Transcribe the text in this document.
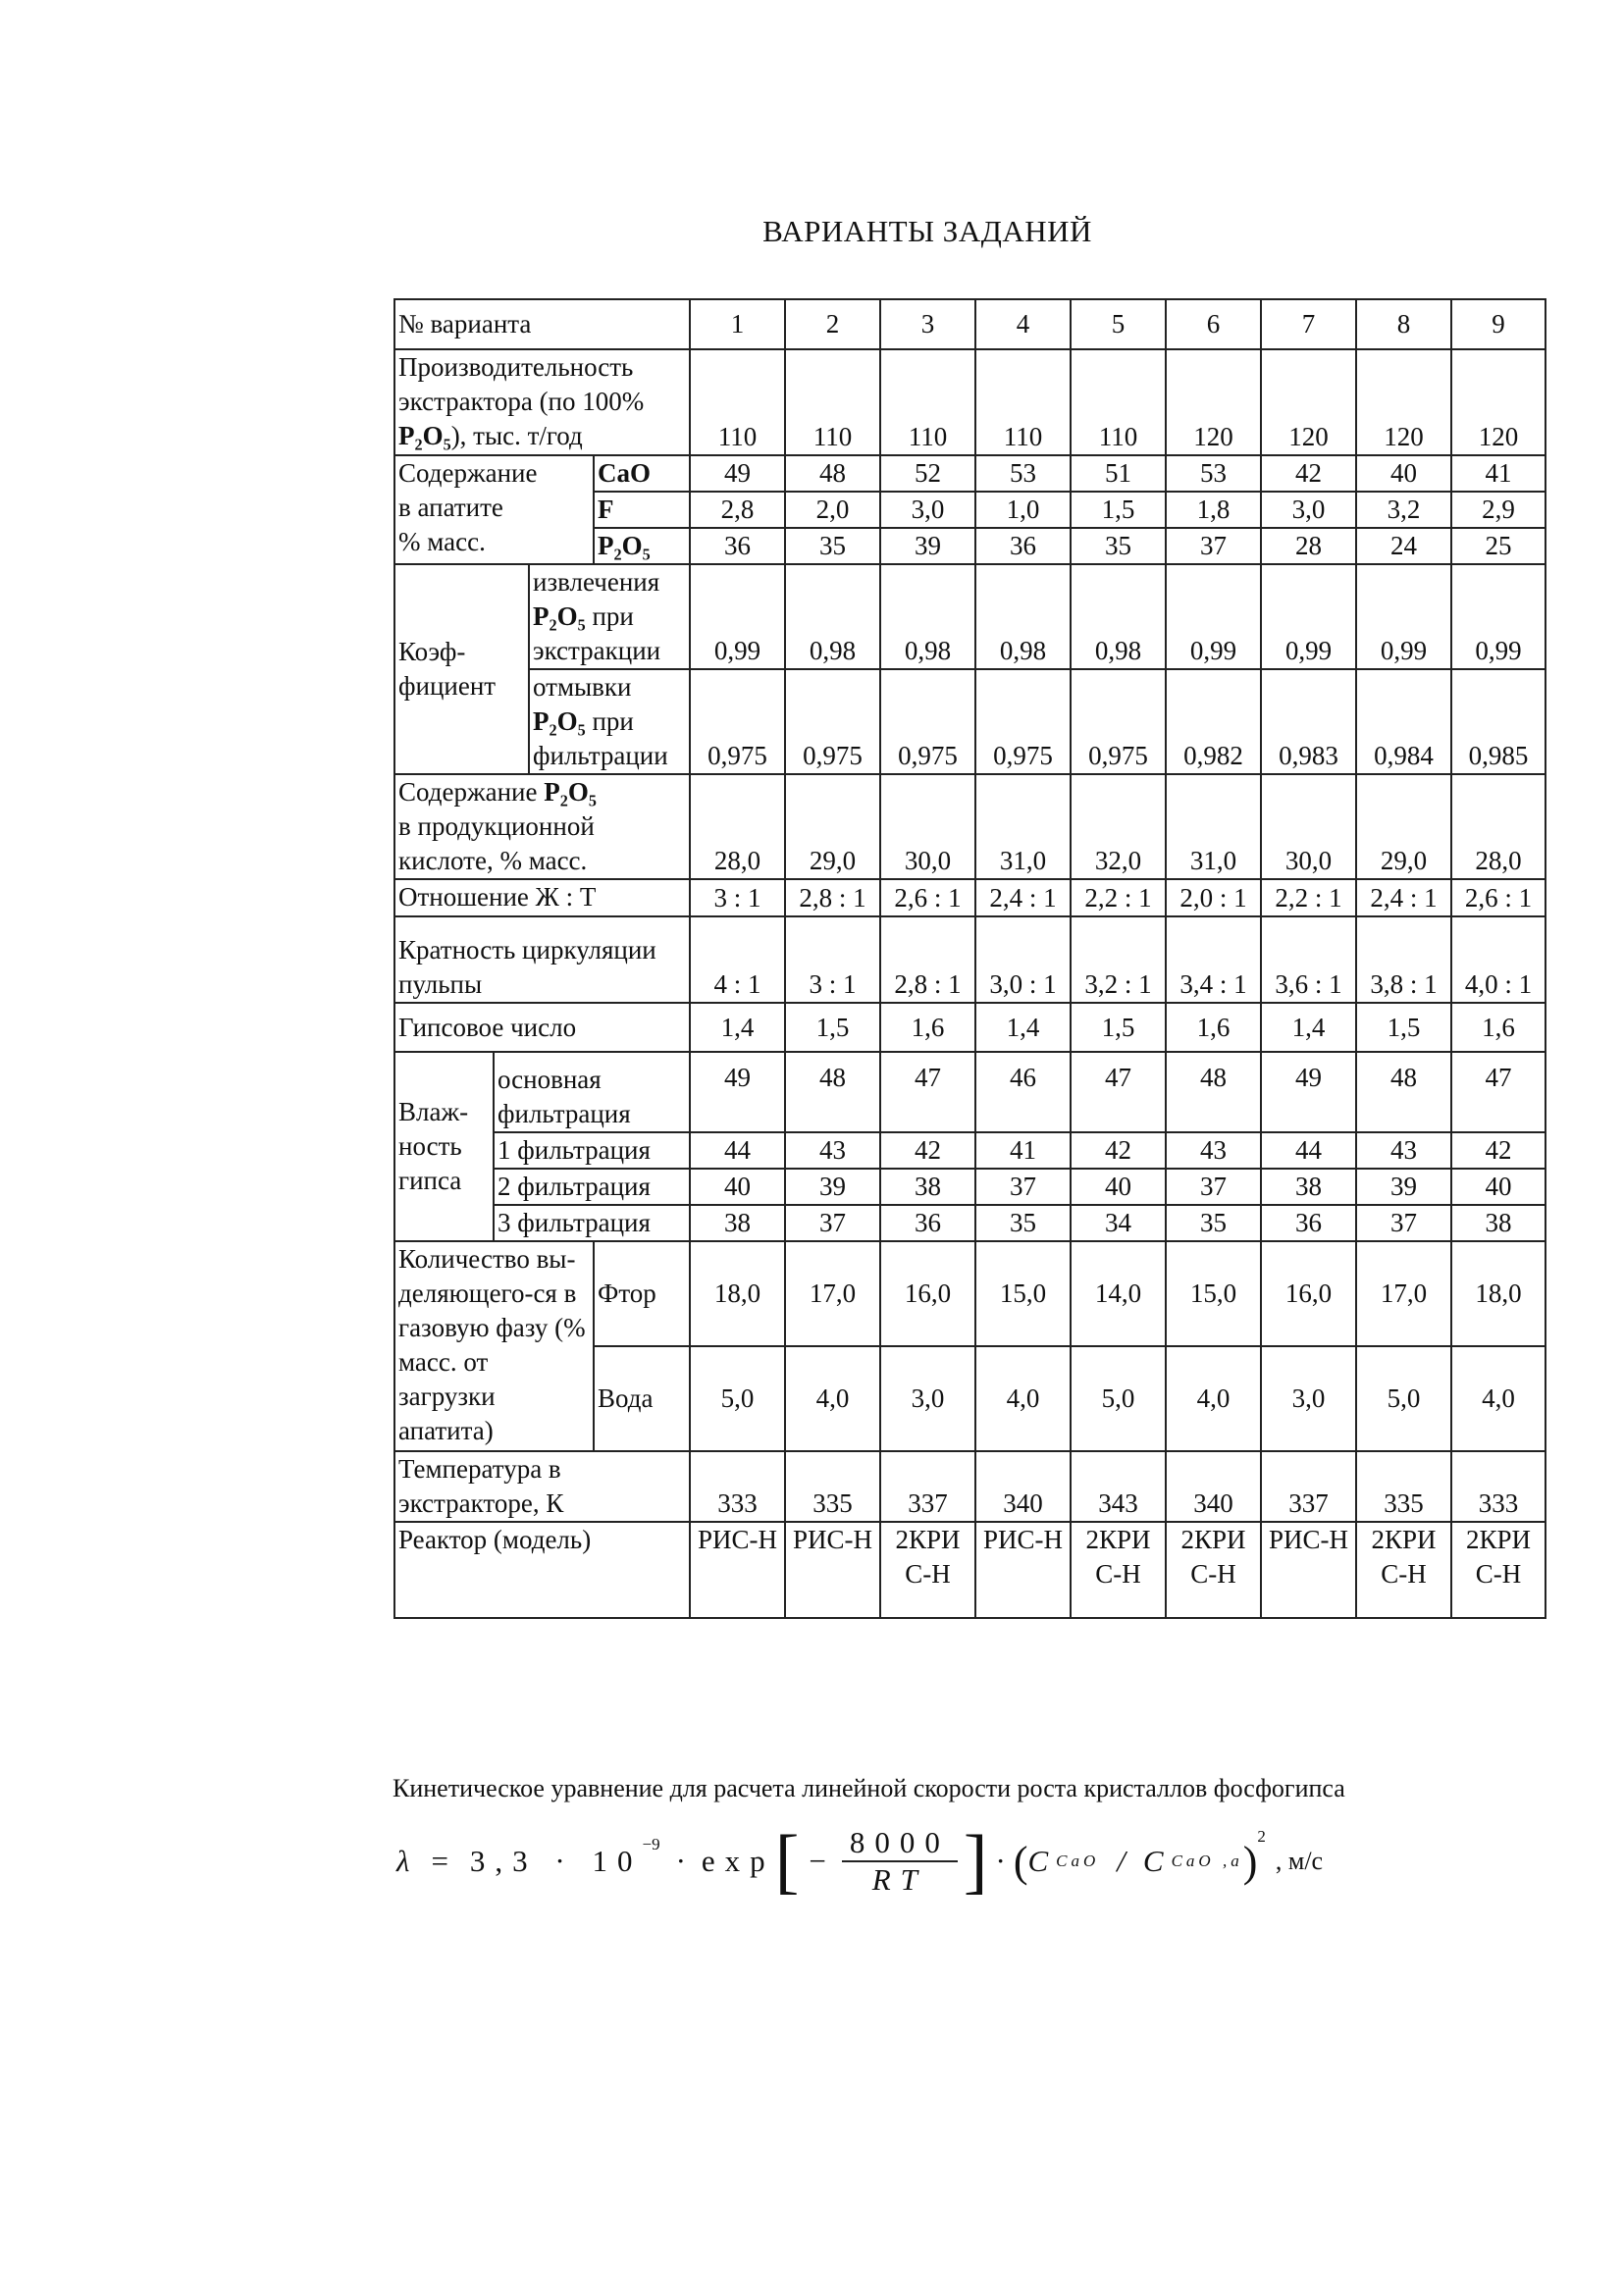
ВАРИАНТЫ ЗАДАНИЙ
№ варианта				1	2	3	4	5	6	7	8	9
Производительность экстрактора (по 100%
P₂O₅), тыс. т/год				110	110	110	110	110	120	120	120	120
Содержание
в апатите
% масс.			CaO	49	48	52	53	51	53	42	40	41
			F	2,8	2,0	3,0	1,0	1,5	1,8	3,0	3,2	2,9
			P₂O₅	36	35	39	36	35	37	28	24	25
Коэф-фициент		извлечения
P₂O₅ при
экстракции		0,99	0,98	0,98	0,98	0,98	0,99	0,99	0,99	0,99
		отмывки
P₂O₅ при
фильтрации		0,975	0,975	0,975	0,975	0,975	0,982	0,983	0,984	0,985
Содержание P₂O₅
в продукционной
кислоте, % масс.				28,0	29,0	30,0	31,0	32,0	31,0	30,0	29,0	28,0
Отношение Ж : Т				3 : 1	2,8 : 1	2,6 : 1	2,4 : 1	2,2 : 1	2,0 : 1	2,2 : 1	2,4 : 1	2,6 : 1
Кратность циркуляции
пульпы				4 : 1	3 : 1	2,8 : 1	3,0 : 1	3,2 : 1	3,4 : 1	3,6 : 1	3,8 : 1	4,0 : 1
Гипсовое число				1,4	1,5	1,6	1,4	1,5	1,6	1,4	1,5	1,6
Влаж-ность гипса	основная
фильтрация			49	48	47	46	47	48	49	48	47
	1 фильтрация			44	43	42	41	42	43	44	43	42
	2 фильтрация			40	39	38	37	40	37	38	39	40
	3 фильтрация			38	37	36	35	34	35	36	37	38
Количество вы-деляющего-ся в газовую фазу (% масс. от загрузки апатита)			Фтор	18,0	17,0	16,0	15,0	14,0	15,0	16,0	17,0	18,0
			Вода	5,0	4,0	3,0	4,0	5,0	4,0	3,0	5,0	4,0
Температура в
экстракторе, К				333	335	337	340	343	340	337	335	333
Реактор (модель)				РИС-Н	РИС-Н	2КРИ С-Н	РИС-Н	2КРИ С-Н	2КРИ С-Н	РИС-Н	2КРИ С-Н	2КРИ С-Н
Кинетическое уравнение для расчета линейной скорости роста кристаллов фосфогипса
$\lambda = 3,3 \cdot 10^{-9} \cdot \exp$ [ − $\frac{8000}{RT}$ ] · ( C CaO / C CaO ,a )
$^2$
, м/с
